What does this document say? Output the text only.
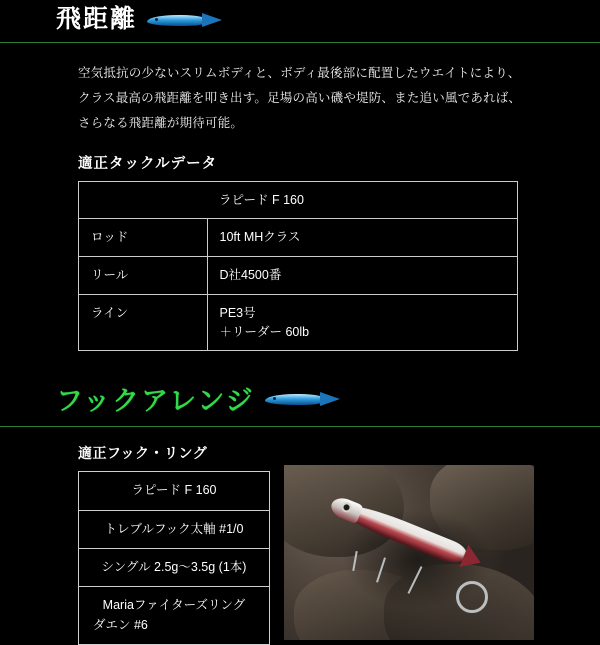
飛距離
空気抵抗の少ないスリムボディと、ボディ最後部に配置したウエイトにより、
クラス最高の飛距離を叩き出す。足場の高い磯や堤防、また追い風であれば、
さらなる飛距離が期待可能。
適正タックルデータ
	ラピード F 160
ロッド	10ft MHクラス
リール	D社4500番
ライン	PE3号
＋リーダー 60lb
フックアレンジ
適正フック・リング
ラピード F 160
トレブルフック太軸 #1/0
シングル 2.5g〜3.5g (1本)
Mariaファイターズリング
ダエン #6
